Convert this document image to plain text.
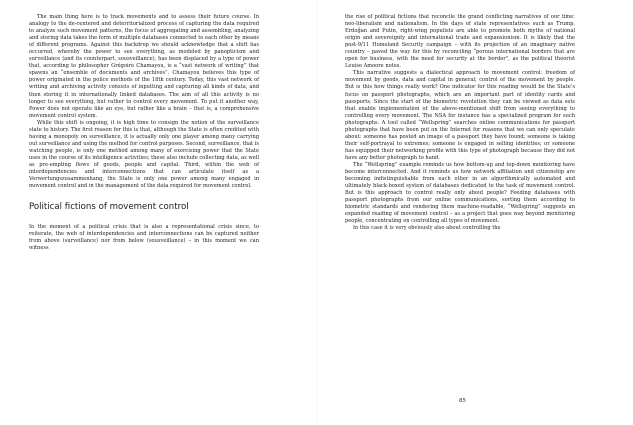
The main thing here is to track movements and to assess their future course. In analogy to the de-centered and deterritorialized process of capturing the data required to analyze such movement patterns, the focus of aggregating and assembling, analyzing and storing data takes the form of multiple databases connected to each other by means of different programs. Against this backdrop we should acknowledge that a shift has occurred, whereby the power to see everything, as modeled by panopticism and surveillance (and its counterpart, sousveillance), has been displaced by a type of power that, according to philosopher Grégoire Chamayou, is a “vast network of writing” that spawns an “ensemble of documents and archives”. Chamayou believes this type of power originated in the police methods of the 18th century. Today, this vast network of writing and archiving activity consists of inputting and capturing all kinds of data, and then storing it in internationally linked databases. The aim of all this activity is no longer to see everything, but rather to control every movement. To put it another way, Power does not operate like an eye, but rather like a brain – that is, a comprehensive movement control system.

While this shift is ongoing, it is high time to consign the notion of the surveillance state to history. The first reason for this is that, although the State is often credited with having a monopoly on surveillance, it is actually only one player among many carrying out surveillance and using the method for control purposes. Second, surveillance, that is watching people, is only one method among many of exercising power that the State uses in the course of its intelligence activities; these also include collecting data, as well as pre-empting flows of goods, people and capital. Third, within the web of interdependencies and interconnections that can articulate itself as a Verwertungszusammenhang, the State is only one power among many engaged in movement control and in the management of the data required for movement control.

Political fictions of movement control

In the moment of a political crisis that is also a representational crisis since, to reiterate, the web of interdependencies and interconnections can be captured neither from above (surveillance) nor from below (sousveillance) – in this moment we can witness

the rise of political fictions that reconcile the grand conflicting narratives of our time: neo-liberalism and nationalism. In the days of state representatives such as Trump, Erdoğan and Putin, right-wing populists are able to promote both myths of national origin and sovereignty and international trade and expansionism. It is likely that the post-9/11 Homeland Security campaign – with its projection of an imaginary native country – paved the way for this by reconciling “porous international borders that are open for business, with the need for security at the border”, as the political theorist Louise Amoore notes.

This narrative suggests a dialectical approach to movement control: freedom of movement by goods, data and capital in general; control of the movement by people. But is this how things really work? One indicator for this reading would be the State’s focus on passport photographs, which are an important part of identity cards and passports. Since the start of the biometric revolution they can be viewed as data sets that enable implementation of the above-mentioned shift from seeing everything to controlling every movement. The NSA for instance has a specialized program for such photographs. A tool called “Wellspring” searches online communications for passport photographs that have been put on the Internet for reasons that we can only speculate about: someone has posted an image of a passport they have found; someone is taking their self-portrayal to extremes; someone is engaged in selling identities; or someone has equipped their networking profile with this type of photograph because they did not have any better photograph to hand.

The “Wellspring” example reminds us how bottom-up and top-down monitoring have become interconnected. And it reminds us how network affiliation and citizenship are becoming indistinguishable from each other in an algorithmically automated and ultimately black-boxed system of databases dedicated to the task of movement control. But is this approach to control really only about people? Feeding databases with passport photographs from our online communications, sorting them according to biometric standards and rendering them machine-readable, “Wellspring” suggests an expanded reading of movement control – as a project that goes way beyond monitoring people, concentrating on controlling all types of movement.

In this case it is very obviously also about controlling the

85
